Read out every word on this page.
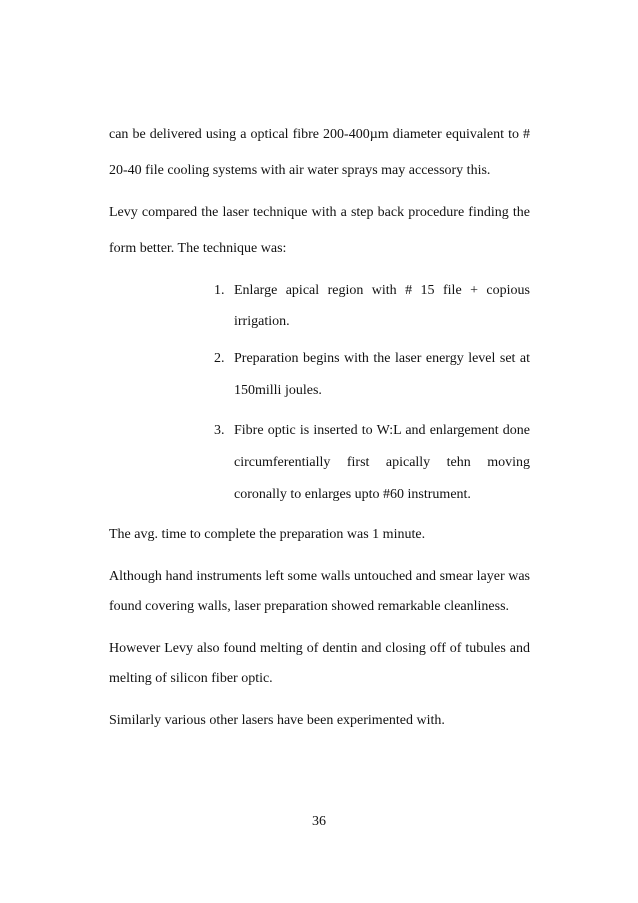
can be delivered using a optical fibre 200-400µm diameter equivalent to #
20-40 file cooling systems with air water sprays may accessory this.
Levy compared the laser technique with a step back procedure finding the
form better. The technique was:
1. Enlarge apical region with # 15 file + copious
irrigation.
2. Preparation begins with the laser energy level set at
150milli joules.
3. Fibre optic is inserted to W:L and enlargement done
circumferentially first apically tehn moving
coronally to enlarges upto #60 instrument.
The avg. time to complete the preparation was 1 minute.
Although hand instruments left some walls untouched and smear layer was
found covering walls, laser preparation showed remarkable cleanliness.
However Levy also found melting of dentin and closing off of tubules and
melting of silicon fiber optic.
Similarly various other lasers have been experimented with.
36
